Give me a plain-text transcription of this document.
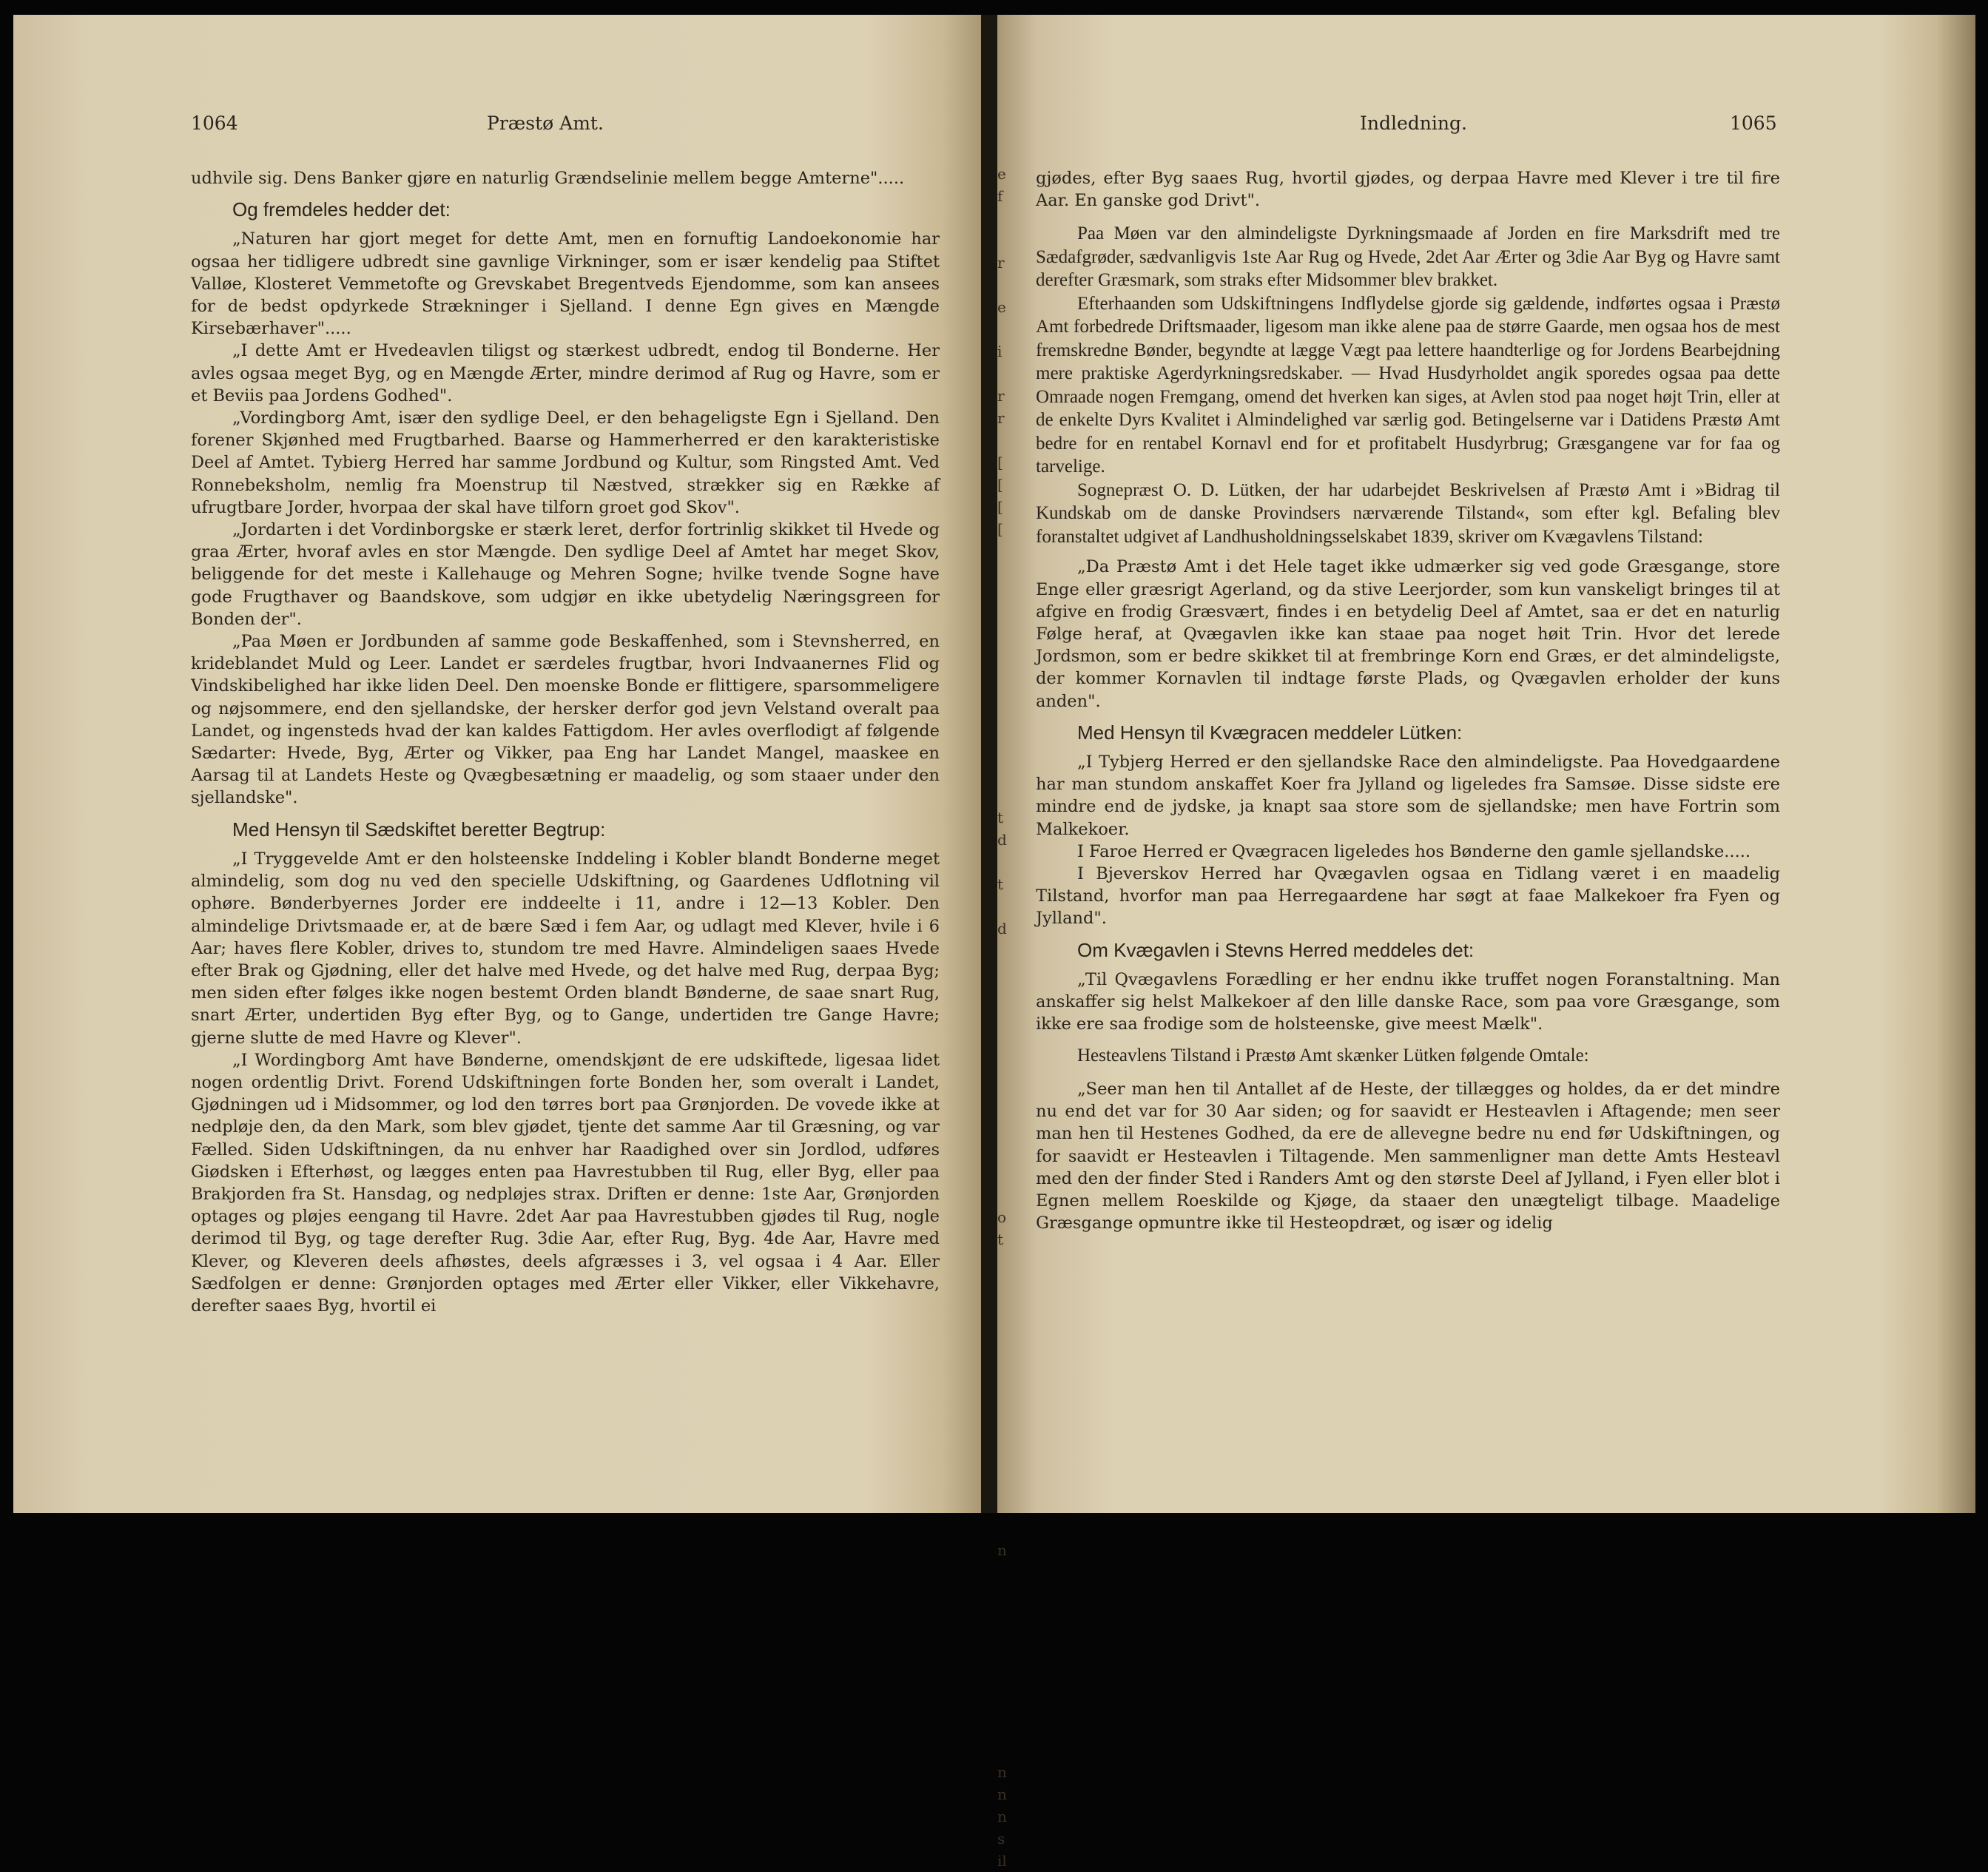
1064	Præstø Amt.

udhvile sig. Dens Banker gjøre en naturlig Grændselinie mellem begge Amterne".....

Og fremdeles hedder det:

„Naturen har gjort meget for dette Amt, men en fornuftig Landoekonomie har ogsaa her tidligere udbredt sine gavnlige Virkninger, som er især kendelig paa Stiftet Valløe, Klosteret Vemmetofte og Grevskabet Bregentveds Ejendomme, som kan ansees for de bedst opdyrkede Strækninger i Sjelland. I denne Egn gives en Mængde Kirsebærhaver".....

„I dette Amt er Hvedeavlen tiligst og stærkest udbredt, endog til Bonderne. Her avles ogsaa meget Byg, og en Mængde Ærter, mindre derimod af Rug og Havre, som er et Beviis paa Jordens Godhed".

„Vordingborg Amt, især den sydlige Deel, er den behageligste Egn i Sjelland. Den forener Skjønhed med Frugtbarhed. Baarse og Hammerherred er den karakteristiske Deel af Amtet. Tybierg Herred har samme Jordbund og Kultur, som Ringsted Amt. Ved Ronnebeksholm, nemlig fra Moenstrup til Næstved, strækker sig en Række af ufrugtbare Jorder, hvorpaa der skal have tilforn groet god Skov".

„Jordarten i det Vordinborgske er stærk leret, derfor fortrinlig skikket til Hvede og graa Ærter, hvoraf avles en stor Mængde. Den sydlige Deel af Amtet har meget Skov, beliggende for det meste i Kallehauge og Mehren Sogne; hvilke tvende Sogne have gode Frugthaver og Baandskove, som udgjør en ikke ubetydelig Næringsgreen for Bonden der".

„Paa Møen er Jordbunden af samme gode Beskaffenhed, som i Stevnsherred, en krideblandet Muld og Leer. Landet er særdeles frugtbar, hvori Indvaanernes Flid og Vindskibelighed har ikke liden Deel. Den moenske Bonde er flittigere, sparsommeligere og nøjsommere, end den sjellandske, der hersker derfor god jevn Velstand overalt paa Landet, og ingensteds hvad der kan kaldes Fattigdom. Her avles overflodigt af følgende Sædarter: Hvede, Byg, Ærter og Vikker, paa Eng har Landet Mangel, maaskee en Aarsag til at Landets Heste og Qvægbesætning er maadelig, og som staaer under den sjellandske".

Med Hensyn til Sædskiftet beretter Begtrup:

„I Tryggevelde Amt er den holsteenske Inddeling i Kobler blandt Bonderne meget almindelig, som dog nu ved den specielle Udskiftning, og Gaardenes Udflotning vil ophøre. Bønderbyernes Jorder ere inddeelte i 11, andre i 12—13 Kobler. Den almindelige Drivtsmaade er, at de bære Sæd i fem Aar, og udlagt med Klever, hvile i 6 Aar; haves flere Kobler, drives to, stundom tre med Havre. Almindeligen saaes Hvede efter Brak og Gjødning, eller det halve med Hvede, og det halve med Rug, derpaa Byg; men siden efter følges ikke nogen bestemt Orden blandt Bønderne, de saae snart Rug, snart Ærter, undertiden Byg efter Byg, og to Gange, undertiden tre Gange Havre; gjerne slutte de med Havre og Klever".

„I Wordingborg Amt have Bønderne, omendskjønt de ere udskiftede, ligesaa lidet nogen ordentlig Drivt. Forend Udskiftningen forte Bonden her, som overalt i Landet, Gjødningen ud i Midsommer, og lod den tørres bort paa Grønjorden. De vovede ikke at nedpløje den, da den Mark, som blev gjødet, tjente det samme Aar til Græsning, og var Fælled. Siden Udskiftningen, da nu enhver har Raadighed over sin Jordlod, udføres Giødsken i Efterhøst, og lægges enten paa Havrestubben til Rug, eller Byg, eller paa Brakjorden fra St. Hansdag, og nedpløjes strax. Driften er denne: 1ste Aar, Grønjorden optages og pløjes eengang til Havre. 2det Aar paa Havrestubben gjødes til Rug, nogle derimod til Byg, og tage derefter Rug. 3die Aar, efter Rug, Byg. 4de Aar, Havre med Klever, og Kleveren deels afhøstes, deels afgræsses i 3, vel ogsaa i 4 Aar. Eller Sædfolgen er denne: Grønjorden optages med Ærter eller Vikker, eller Vikkehavre, derefter saaes Byg, hvortil ei

Indledning.	1065
e
f

r

e

i

r
r

[
[
[
[

t
d

t

d

o
t

n

n
n
n
s
il

gjødes, efter Byg saaes Rug, hvortil gjødes, og derpaa Havre med Klever i tre til fire Aar. En ganske god Drivt".

Paa Møen var den almindeligste Dyrkningsmaade af Jorden en fire Marksdrift med tre Sædafgrøder, sædvanligvis 1ste Aar Rug og Hvede, 2det Aar Ærter og 3die Aar Byg og Havre samt derefter Græsmark, som straks efter Midsommer blev brakket.

Efterhaanden som Udskiftningens Indflydelse gjorde sig gældende, indførtes ogsaa i Præstø Amt forbedrede Driftsmaader, ligesom man ikke alene paa de større Gaarde, men ogsaa hos de mest fremskredne Bønder, begyndte at lægge Vægt paa lettere haandterlige og for Jordens Bearbejdning mere praktiske Agerdyrkningsredskaber. — Hvad Husdyrholdet angik sporedes ogsaa paa dette Omraade nogen Fremgang, omend det hverken kan siges, at Avlen stod paa noget højt Trin, eller at de enkelte Dyrs Kvalitet i Almindelighed var særlig god. Betingelserne var i Datidens Præstø Amt bedre for en rentabel Kornavl end for et profitabelt Husdyrbrug; Græsgangene var for faa og tarvelige.

Sognepræst O. D. Lütken, der har udarbejdet Beskrivelsen af Præstø Amt i »Bidrag til Kundskab om de danske Provindsers nærværende Tilstand«, som efter kgl. Befaling blev foranstaltet udgivet af Landhusholdningsselskabet 1839, skriver om Kvægavlens Tilstand:

„Da Præstø Amt i det Hele taget ikke udmærker sig ved gode Græsgange, store Enge eller græsrigt Agerland, og da stive Leerjorder, som kun vanskeligt bringes til at afgive en frodig Græsvært, findes i en betydelig Deel af Amtet, saa er det en naturlig Følge heraf, at Qvægavlen ikke kan staae paa noget høit Trin. Hvor det lerede Jordsmon, som er bedre skikket til at frembringe Korn end Græs, er det almindeligste, der kommer Kornavlen til indtage første Plads, og Qvægavlen erholder der kuns anden".

Med Hensyn til Kvægracen meddeler Lütken:

„I Tybjerg Herred er den sjellandske Race den almindeligste. Paa Hovedgaardene har man stundom anskaffet Koer fra Jylland og ligeledes fra Samsøe. Disse sidste ere mindre end de jydske, ja knapt saa store som de sjellandske; men have Fortrin som Malkekoer.

I Faroe Herred er Qvægracen ligeledes hos Bønderne den gamle sjellandske.....

I Bjeverskov Herred har Qvægavlen ogsaa en Tidlang været i en maadelig Tilstand, hvorfor man paa Herregaardene har søgt at faae Malkekoer fra Fyen og Jylland".

Om Kvægavlen i Stevns Herred meddeles det:

„Til Qvægavlens Forædling er her endnu ikke truffet nogen Foranstaltning. Man anskaffer sig helst Malkekoer af den lille danske Race, som paa vore Græsgange, som ikke ere saa frodige som de holsteenske, give meest Mælk".

Hesteavlens Tilstand i Præstø Amt skænker Lütken følgende Omtale:

„Seer man hen til Antallet af de Heste, der tillægges og holdes, da er det mindre nu end det var for 30 Aar siden; og for saavidt er Hesteavlen i Aftagende; men seer man hen til Hestenes Godhed, da ere de allevegne bedre nu end før Udskiftningen, og for saavidt er Hesteavlen i Tiltagende. Men sammenligner man dette Amts Hesteavl med den der finder Sted i Randers Amt og den største Deel af Jylland, i Fyen eller blot i Egnen mellem Roeskilde og Kjøge, da staaer den unægteligt tilbage. Maadelige Græsgange opmuntre ikke til Hesteopdræt, og især og idelig
